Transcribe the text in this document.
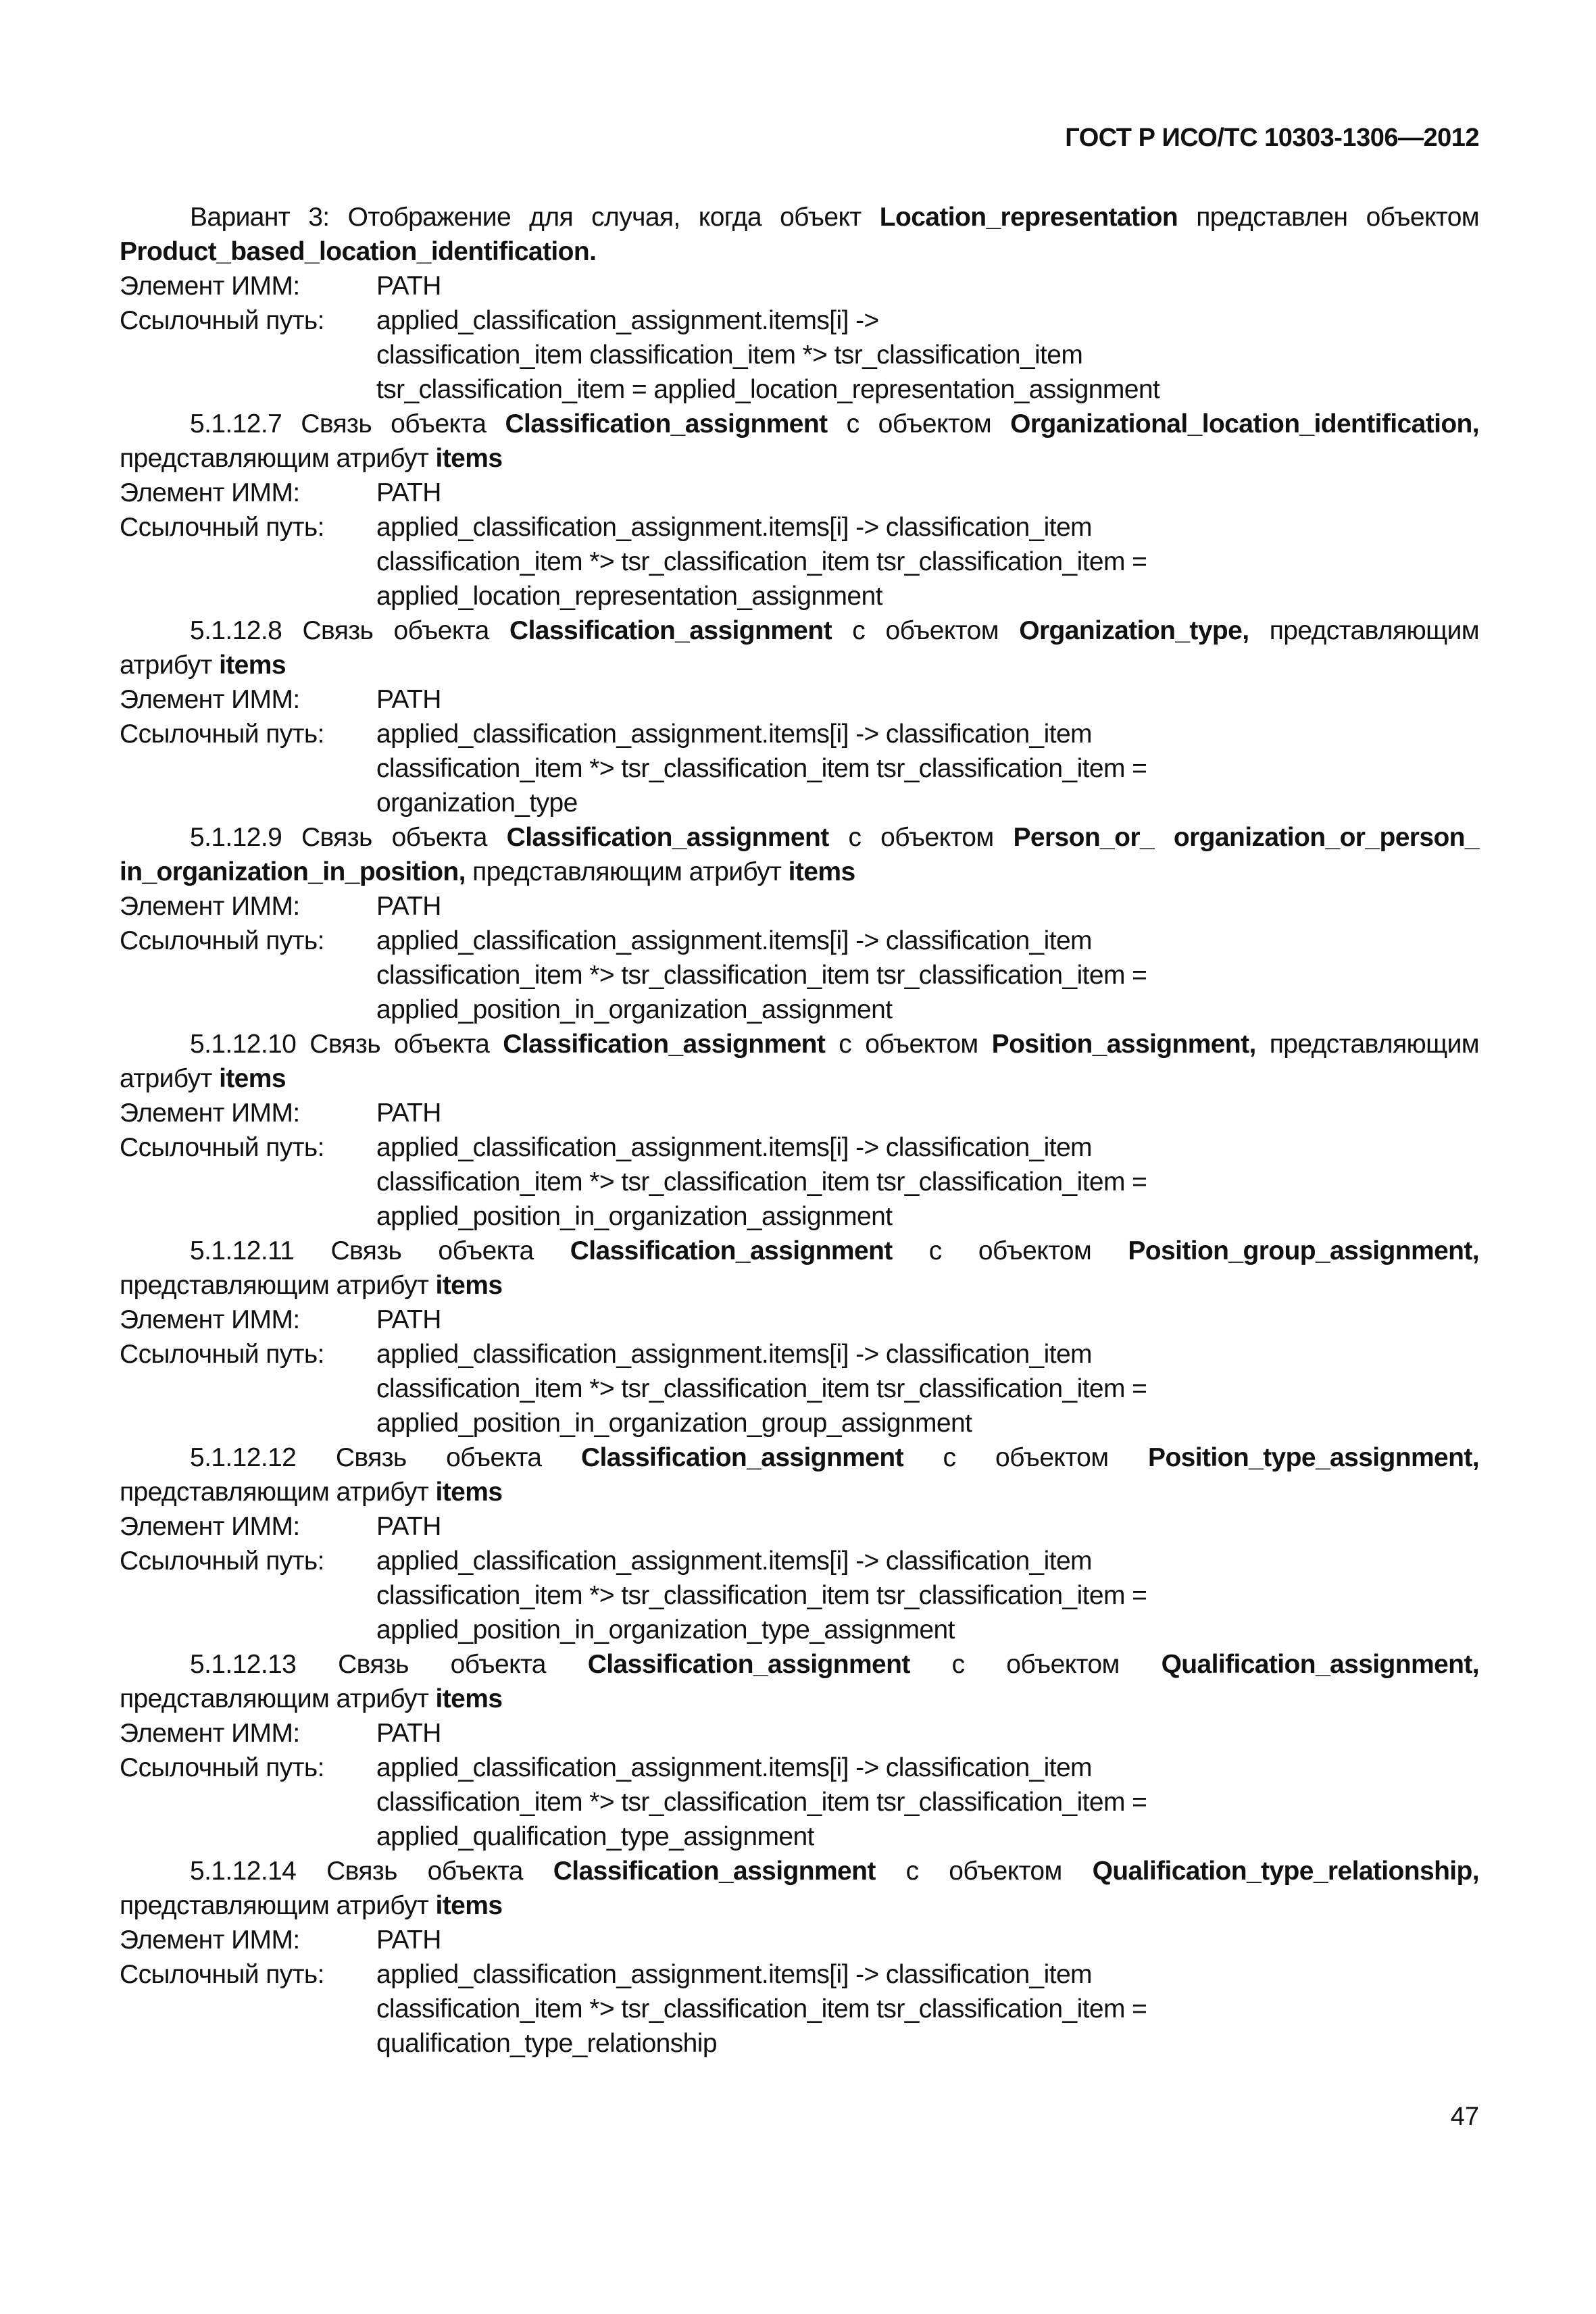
ГОСТ Р ИСО/ТС 10303-1306—2012

Вариант 3: Отображение для случая, когда объект Location_representation представлен объектом Product_based_location_identification.

Элемент ИММ:	PATH
Ссылочный путь:	applied_classification_assignment.items[i] ->
classification_item classification_item *> tsr_classification_item
tsr_classification_item = applied_location_representation_assignment

5.1.12.7 Связь объекта Classification_assignment с объектом Organizational_location_identification, представляющим атрибут items

Элемент ИММ:	PATH
Ссылочный путь:	applied_classification_assignment.items[i] -> classification_item
classification_item *> tsr_classification_item tsr_classification_item =
applied_location_representation_assignment

5.1.12.8 Связь объекта Classification_assignment с объектом Organization_type, представляющим атрибут items

Элемент ИММ:	PATH
Ссылочный путь:	applied_classification_assignment.items[i] -> classification_item
classification_item *> tsr_classification_item tsr_classification_item =
organization_type

5.1.12.9 Связь объекта Classification_assignment с объектом Person_or_ organization_or_person_ in_organization_in_position, представляющим атрибут items

Элемент ИММ:	PATH
Ссылочный путь:	applied_classification_assignment.items[i] -> classification_item
classification_item *> tsr_classification_item tsr_classification_item =
applied_position_in_organization_assignment

5.1.12.10 Связь объекта Classification_assignment с объектом Position_assignment, представляющим атрибут items

Элемент ИММ:	PATH
Ссылочный путь:	applied_classification_assignment.items[i] -> classification_item
classification_item *> tsr_classification_item tsr_classification_item =
applied_position_in_organization_assignment

5.1.12.11 Связь объекта Classification_assignment с объектом Position_group_assignment, представляющим атрибут items

Элемент ИММ:	PATH
Ссылочный путь:	applied_classification_assignment.items[i] -> classification_item
classification_item *> tsr_classification_item tsr_classification_item =
applied_position_in_organization_group_assignment

5.1.12.12 Связь объекта Classification_assignment с объектом Position_type_assignment, представляющим атрибут items

Элемент ИММ:	PATH
Ссылочный путь:	applied_classification_assignment.items[i] -> classification_item
classification_item *> tsr_classification_item tsr_classification_item =
applied_position_in_organization_type_assignment

5.1.12.13 Связь объекта Classification_assignment с объектом Qualification_assignment, представляющим атрибут items

Элемент ИММ:	PATH
Ссылочный путь:	applied_classification_assignment.items[i] -> classification_item
classification_item *> tsr_classification_item tsr_classification_item =
applied_qualification_type_assignment

5.1.12.14 Связь объекта Classification_assignment с объектом Qualification_type_relationship, представляющим атрибут items

Элемент ИММ:	PATH
Ссылочный путь:	applied_classification_assignment.items[i] -> classification_item
classification_item *> tsr_classification_item tsr_classification_item =
qualification_type_relationship
47
